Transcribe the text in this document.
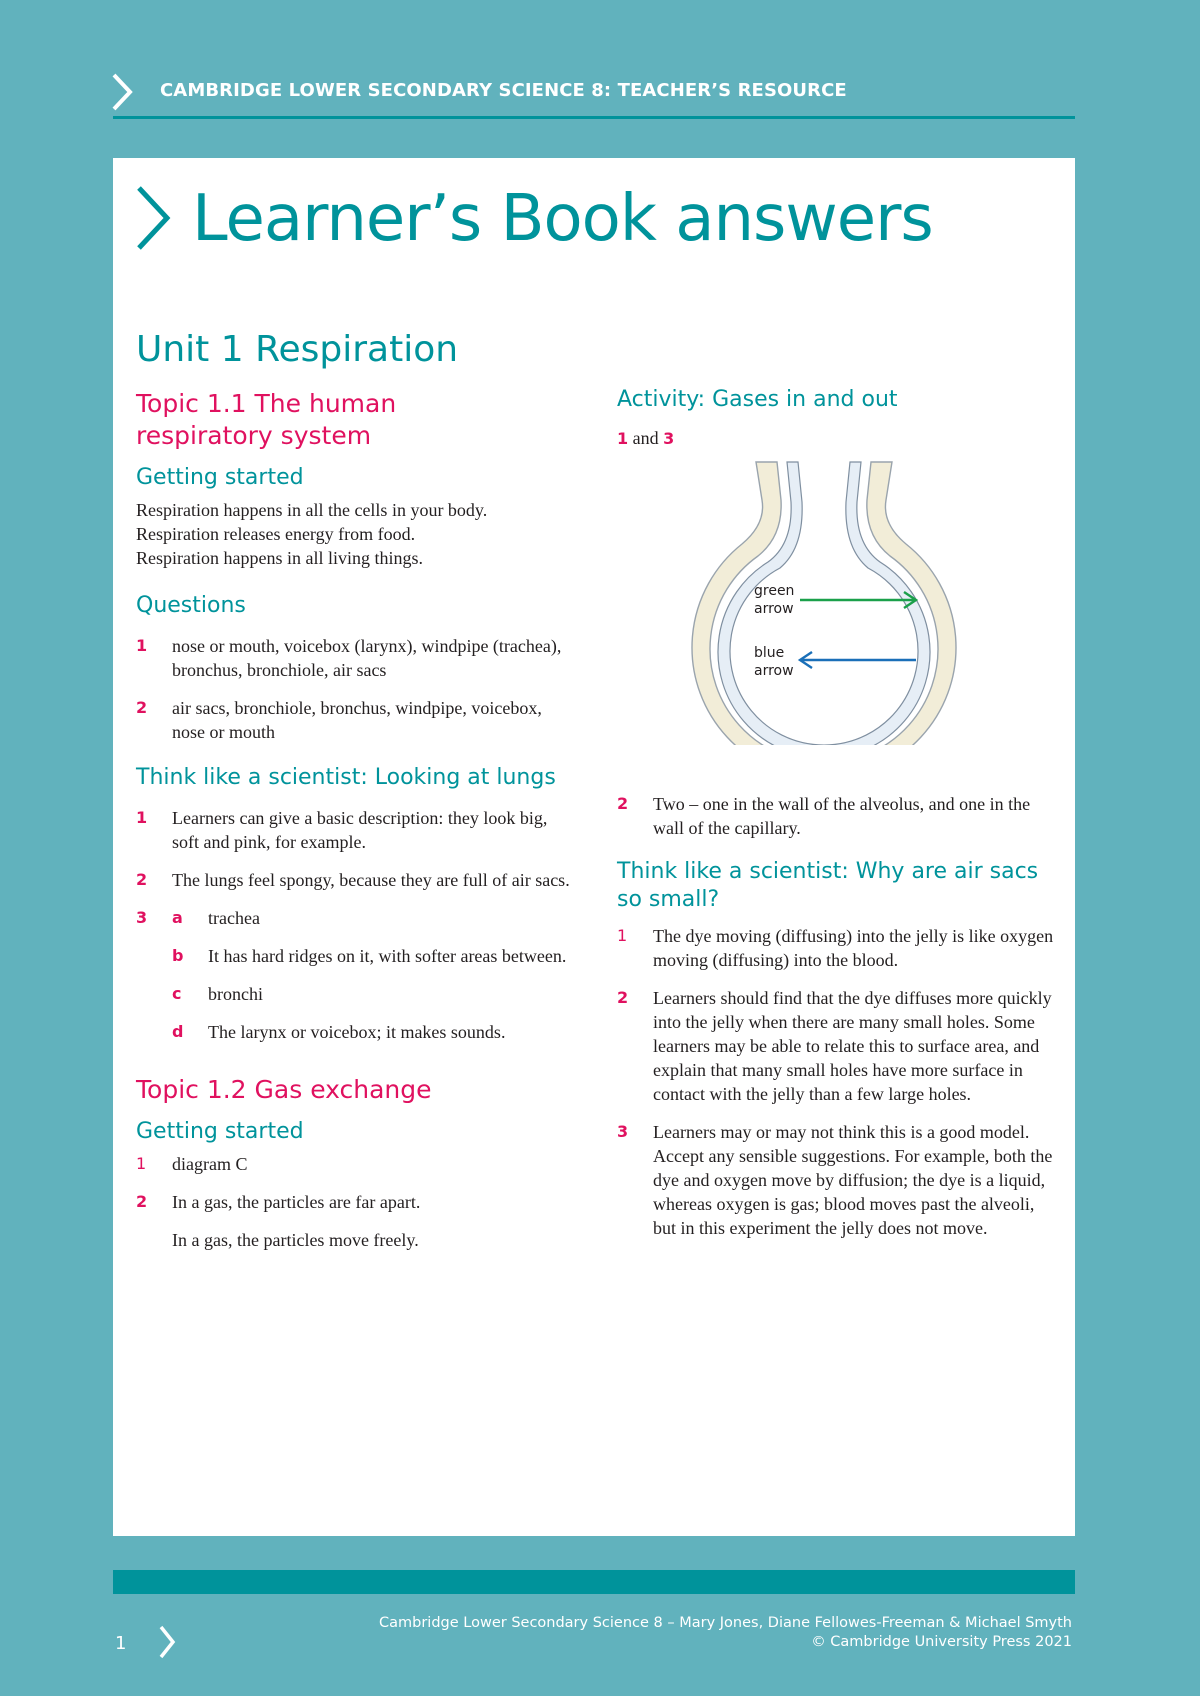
CAMBRIDGE LOWER SECONDARY SCIENCE 8: TEACHER’S RESOURCE
Learner’s Book answers
Unit 1 Respiration
Topic 1.1 The human
respiratory system
Getting started

Respiration happens in all the cells in your body.

Respiration releases energy from food.

Respiration happens in all living things.

Questions
1 nose or mouth, voicebox (larynx), windpipe (trachea), bronchus, bronchiole, air sacs
2 air sacs, bronchiole, bronchus, windpipe, voicebox, nose or mouth
Think like a scientist: Looking at lungs
1 Learners can give a basic description: they look big, soft and pink, for example.
2 The lungs feel spongy, because they are full of air sacs.
3 a trachea
b It has hard ridges on it, with softer areas between.
c bronchi
d The larynx or voicebox; it makes sounds.
Topic 1.2 Gas exchange
Getting started
1 diagram C
2 In a gas, the particles are far apart.
In a gas, the particles move freely.
Activity: Gases in and out

1 and 3

green
arrow
blue
arrow
2 Two – one in the wall of the alveolus, and one in the wall of the capillary.
Think like a scientist: Why are air sacs so small?
1 The dye moving (diffusing) into the jelly is like oxygen moving (diffusing) into the blood.
2 Learners should find that the dye diffuses more quickly into the jelly when there are many small holes. Some learners may be able to relate this to surface area, and explain that many small holes have more surface in contact with the jelly than a few large holes.
3 Learners may or may not think this is a good model. Accept any sensible suggestions. For example, both the dye and oxygen move by diffusion; the dye is a liquid, whereas oxygen is gas; blood moves past the alveoli, but in this experiment the jelly does not move.
1
Cambridge Lower Secondary Science 8 – Mary Jones, Diane Fellowes-Freeman & Michael Smyth
© Cambridge University Press 2021
